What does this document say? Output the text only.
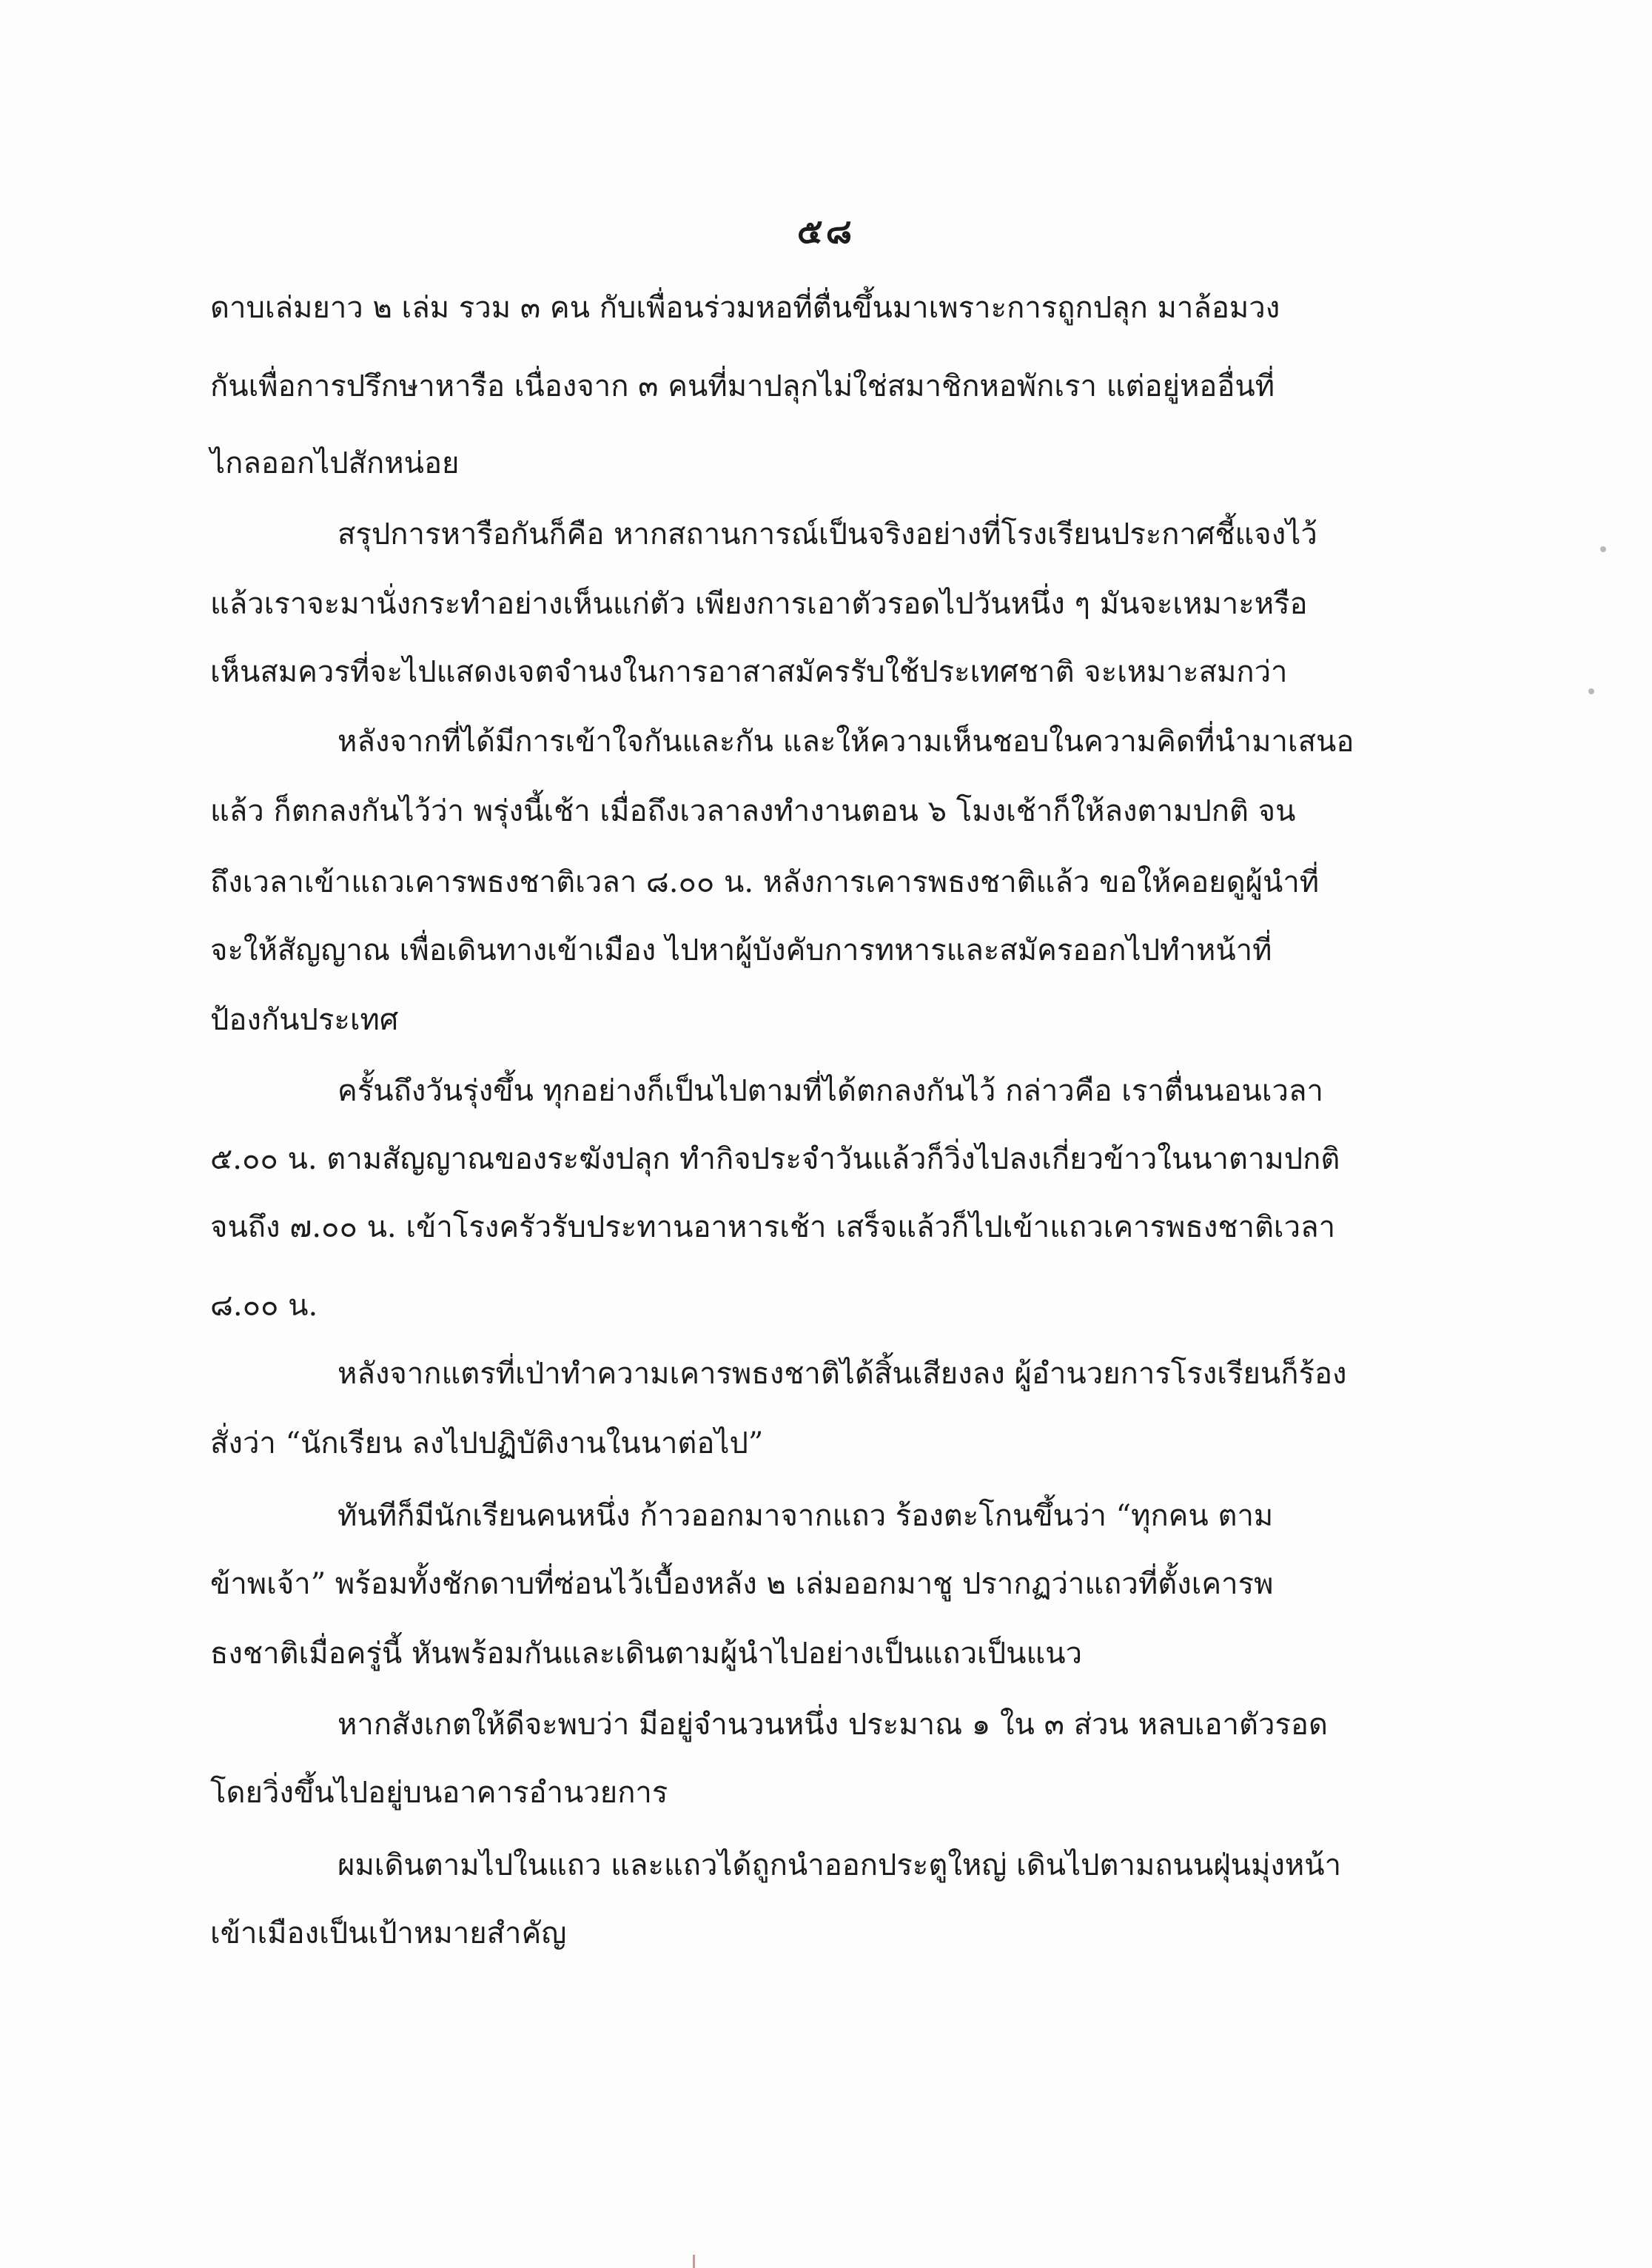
๕๘
ดาบเล่มยาว ๒ เล่ม รวม ๓ คน กับเพื่อนร่วมหอที่ตื่นขึ้นมาเพราะการถูกปลุก มาล้อมวง
กันเพื่อการปรึกษาหารือ เนื่องจาก ๓ คนที่มาปลุกไม่ใช่สมาชิกหอพักเรา แต่อยู่หออื่นที่
ไกลออกไปสักหน่อย
สรุปการหารือกันก็คือ หากสถานการณ์เป็นจริงอย่างที่โรงเรียนประกาศชี้แจงไว้
แล้วเราจะมานั่งกระทำอย่างเห็นแก่ตัว เพียงการเอาตัวรอดไปวันหนึ่ง ๆ มันจะเหมาะหรือ
เห็นสมควรที่จะไปแสดงเจตจำนงในการอาสาสมัครรับใช้ประเทศชาติ จะเหมาะสมกว่า
หลังจากที่ได้มีการเข้าใจกันและกัน และให้ความเห็นชอบในความคิดที่นำมาเสนอ
แล้ว ก็ตกลงกันไว้ว่า พรุ่งนี้เช้า เมื่อถึงเวลาลงทำงานตอน ๖ โมงเช้าก็ให้ลงตามปกติ จน
ถึงเวลาเข้าแถวเคารพธงชาติเวลา ๘.๐๐ น. หลังการเคารพธงชาติแล้ว ขอให้คอยดูผู้นำที่
จะให้สัญญาณ เพื่อเดินทางเข้าเมือง ไปหาผู้บังคับการทหารและสมัครออกไปทำหน้าที่
ป้องกันประเทศ
ครั้นถึงวันรุ่งขึ้น ทุกอย่างก็เป็นไปตามที่ได้ตกลงกันไว้ กล่าวคือ เราตื่นนอนเวลา
๕.๐๐ น. ตามสัญญาณของระฆังปลุก ทำกิจประจำวันแล้วก็วิ่งไปลงเกี่ยวข้าวในนาตามปกติ
จนถึง ๗.๐๐ น. เข้าโรงครัวรับประทานอาหารเช้า เสร็จแล้วก็ไปเข้าแถวเคารพธงชาติเวลา
๘.๐๐ น.
หลังจากแตรที่เป่าทำความเคารพธงชาติได้สิ้นเสียงลง ผู้อำนวยการโรงเรียนก็ร้อง
สั่งว่า “นักเรียน ลงไปปฏิบัติงานในนาต่อไป”
ทันทีก็มีนักเรียนคนหนึ่ง ก้าวออกมาจากแถว ร้องตะโกนขึ้นว่า “ทุกคน ตาม
ข้าพเจ้า” พร้อมทั้งชักดาบที่ซ่อนไว้เบื้องหลัง ๒ เล่มออกมาชู ปรากฏว่าแถวที่ตั้งเคารพ
ธงชาติเมื่อครู่นี้ หันพร้อมกันและเดินตามผู้นำไปอย่างเป็นแถวเป็นแนว
หากสังเกตให้ดีจะพบว่า มีอยู่จำนวนหนึ่ง ประมาณ ๑ ใน ๓ ส่วน หลบเอาตัวรอด
โดยวิ่งขึ้นไปอยู่บนอาคารอำนวยการ
ผมเดินตามไปในแถว และแถวได้ถูกนำออกประตูใหญ่ เดินไปตามถนนฝุ่นมุ่งหน้า
เข้าเมืองเป็นเป้าหมายสำคัญ
